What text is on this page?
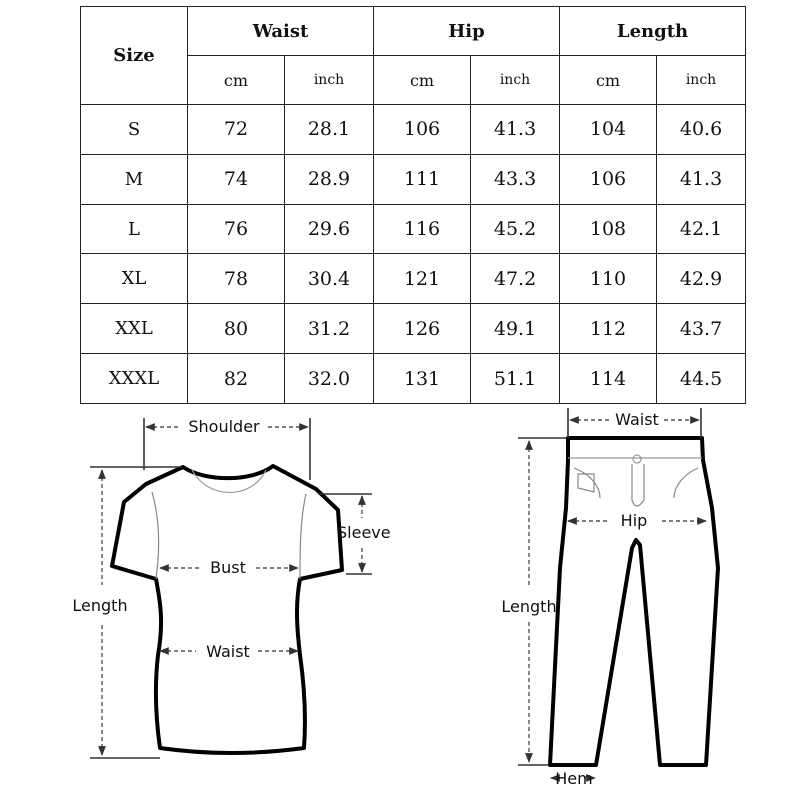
Size	Waist		Hip		Length	
	cm	inch	cm	inch	cm	inch
S	72	28.1	106	41.3	104	40.6
M	74	28.9	111	43.3	106	41.3
L	76	29.6	116	45.2	108	42.1
XL	78	30.4	121	47.2	110	42.9
XXL	80	31.2	126	49.1	112	43.7
XXXL	82	32.0	131	51.1	114	44.5
Shoulder
Sleeve
Bust
Waist
Length
Waist
Hip
Length
Hem
